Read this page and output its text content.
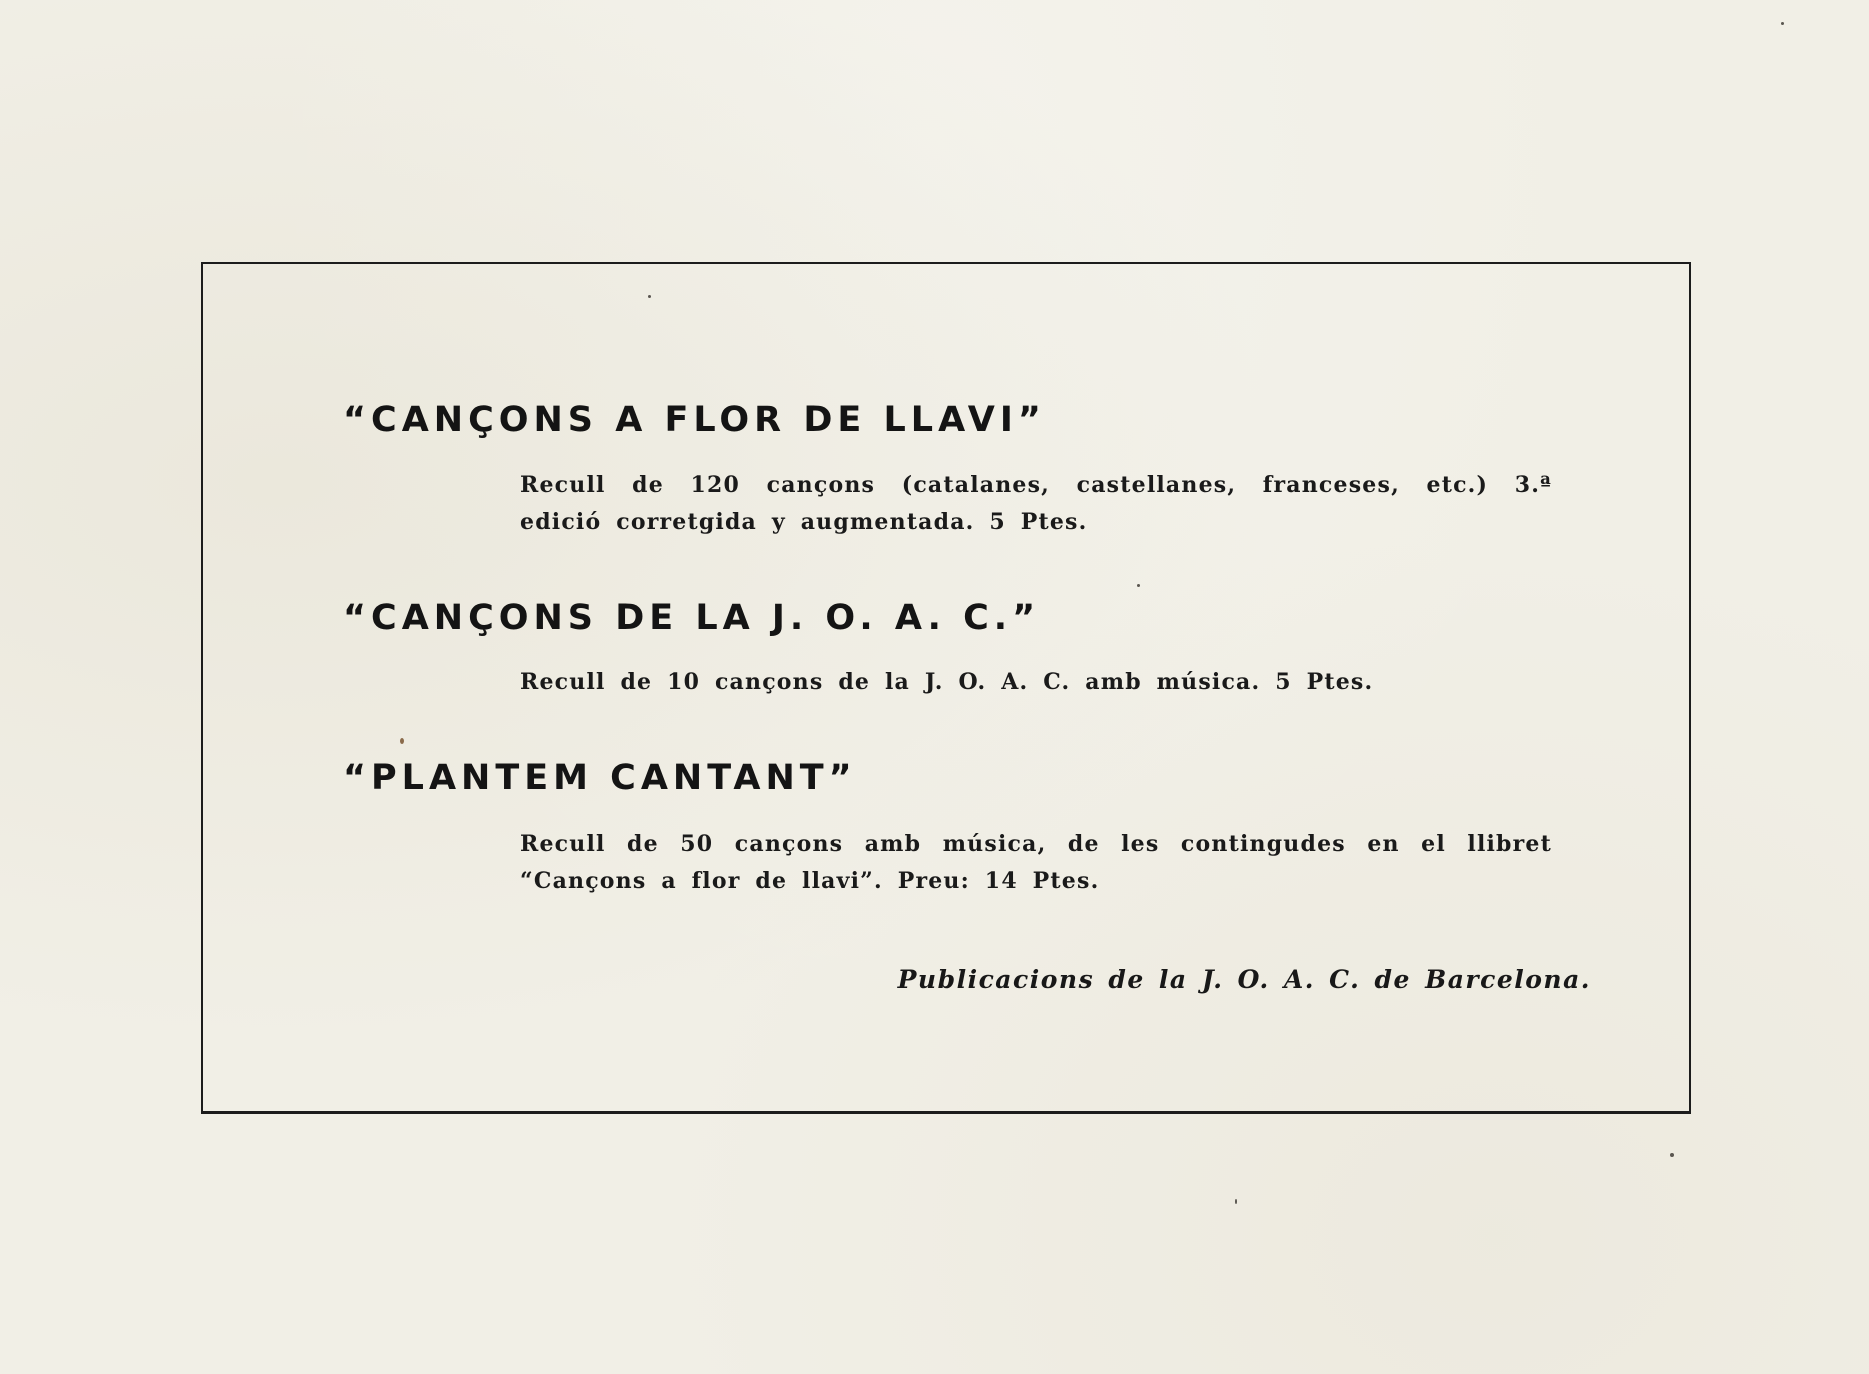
“CANÇONS A FLOR DE LLAVI”
Recull de 120 cançons (catalanes, castellanes, franceses, etc.) 3.ª edició corretgida y augmentada. 5 Ptes.
“CANÇONS DE LA J. O. A. C.”
Recull de 10 cançons de la J. O. A. C. amb música. 5 Ptes.
“PLANTEM CANTANT”
Recull de 50 cançons amb música, de les contingudes en el llibret “Cançons a flor de llavi”. Preu: 14 Ptes.
Publicacions de la J. O. A. C. de Barcelona.
